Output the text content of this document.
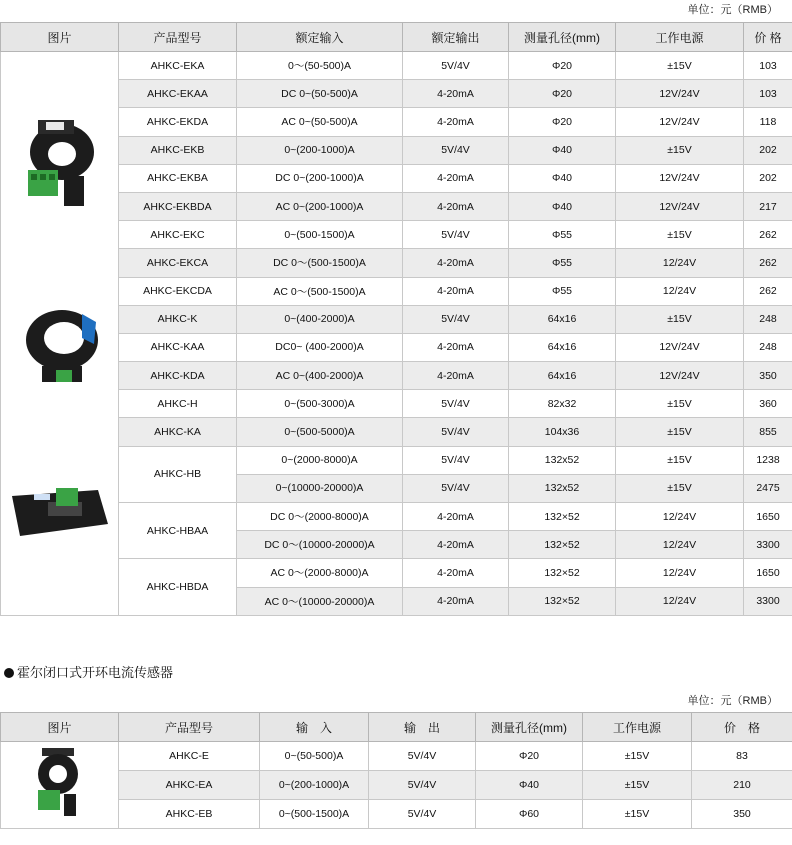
单位：元（RMB）
图片	产品型号	额定输入	额定输出	测量孔径(mm)	工作电源	价 格
	AHKC-EKA	0～(50-500)A	5V/4V	Φ20	±15V	103
	AHKC-EKAA	DC 0~(50-500)A	4-20mA	Φ20	12V/24V	103
	AHKC-EKDA	AC 0~(50-500)A	4-20mA	Φ20	12V/24V	118
	AHKC-EKB	0~(200-1000)A	5V/4V	Φ40	±15V	202
	AHKC-EKBA	DC 0~(200-1000)A	4-20mA	Φ40	12V/24V	202
	AHKC-EKBDA	AC 0~(200-1000)A	4-20mA	Φ40	12V/24V	217
	AHKC-EKC	0~(500-1500)A	5V/4V	Φ55	±15V	262
	AHKC-EKCA	DC 0～(500-1500)A	4-20mA	Φ55	12/24V	262
	AHKC-EKCDA	AC 0～(500-1500)A	4-20mA	Φ55	12/24V	262
	AHKC-K	0~(400-2000)A	5V/4V	64x16	±15V	248
	AHKC-KAA	DC0~ (400-2000)A	4-20mA	64x16	12V/24V	248
	AHKC-KDA	AC 0~(400-2000)A	4-20mA	64x16	12V/24V	350
	AHKC-H	0~(500-3000)A	5V/4V	82x32	±15V	360
	AHKC-KA	0~(500-5000)A	5V/4V	104x36	±15V	855
	AHKC-HB	0~(2000-8000)A	5V/4V	132x52	±15V	1238
		0~(10000-20000)A	5V/4V	132x52	±15V	2475
	AHKC-HBAA	DC 0～(2000-8000)A	4-20mA	132×52	12/24V	1650
		DC 0～(10000-20000)A	4-20mA	132×52	12/24V	3300
	AHKC-HBDA	AC 0～(2000-8000)A	4-20mA	132×52	12/24V	1650
		AC 0～(10000-20000)A	4-20mA	132×52	12/24V	3300
霍尔闭口式开环电流传感器
单位：元（RMB）
图片	产品型号	输　入	输　出	测量孔径(mm)	工作电源	价　格
	AHKC-E	0~(50-500)A	5V/4V	Φ20	±15V	83
	AHKC-EA	0~(200-1000)A	5V/4V	Φ40	±15V	210
	AHKC-EB	0~(500-1500)A	5V/4V	Φ60	±15V	350
